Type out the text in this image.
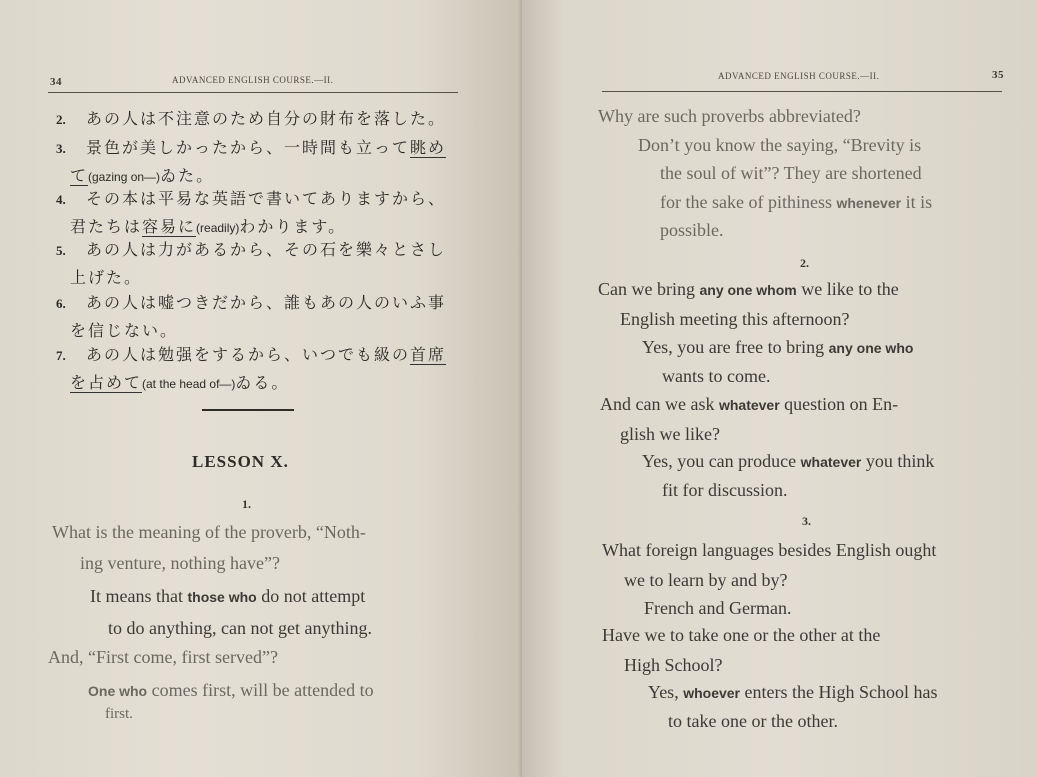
34	ADVANCED ENGLISH COURSE.—II.
2. あの人は不注意のため自分の財布を落した。
3. 景色が美しかったから、一時間も立って眺め
て(gazing on—)ゐた。
4. その本は平易な英語で書いてありますから、
君たちは容易に(readily)わかります。
5. あの人は力があるから、その石を樂々とさし
上げた。
6. あの人は嘘つきだから、誰もあの人のいふ事
を信じない。
7. あの人は勉强をするから、いつでも級の首席
を占めて(at the head of—)ゐる。
LESSON X.
1.
What is the meaning of the proverb, “Noth-
ing venture, nothing have”?
It means that those who do not attempt
to do anything, can not get anything.
And, “First come, first served”?
One who comes first, will be attended to
first.
ADVANCED ENGLISH COURSE.—II.	35
Why are such proverbs abbreviated?
Don’t you know the saying, “Brevity is
the soul of wit”? They are shortened
for the sake of pithiness whenever it is
possible.
2.
Can we bring any one whom we like to the
English meeting this afternoon?
Yes, you are free to bring any one who
wants to come.
And can we ask whatever question on En-
glish we like?
Yes, you can produce whatever you think
fit for discussion.
3.
What foreign languages besides English ought
we to learn by and by?
French and German.
Have we to take one or the other at the
High School?
Yes, whoever enters the High School has
to take one or the other.
